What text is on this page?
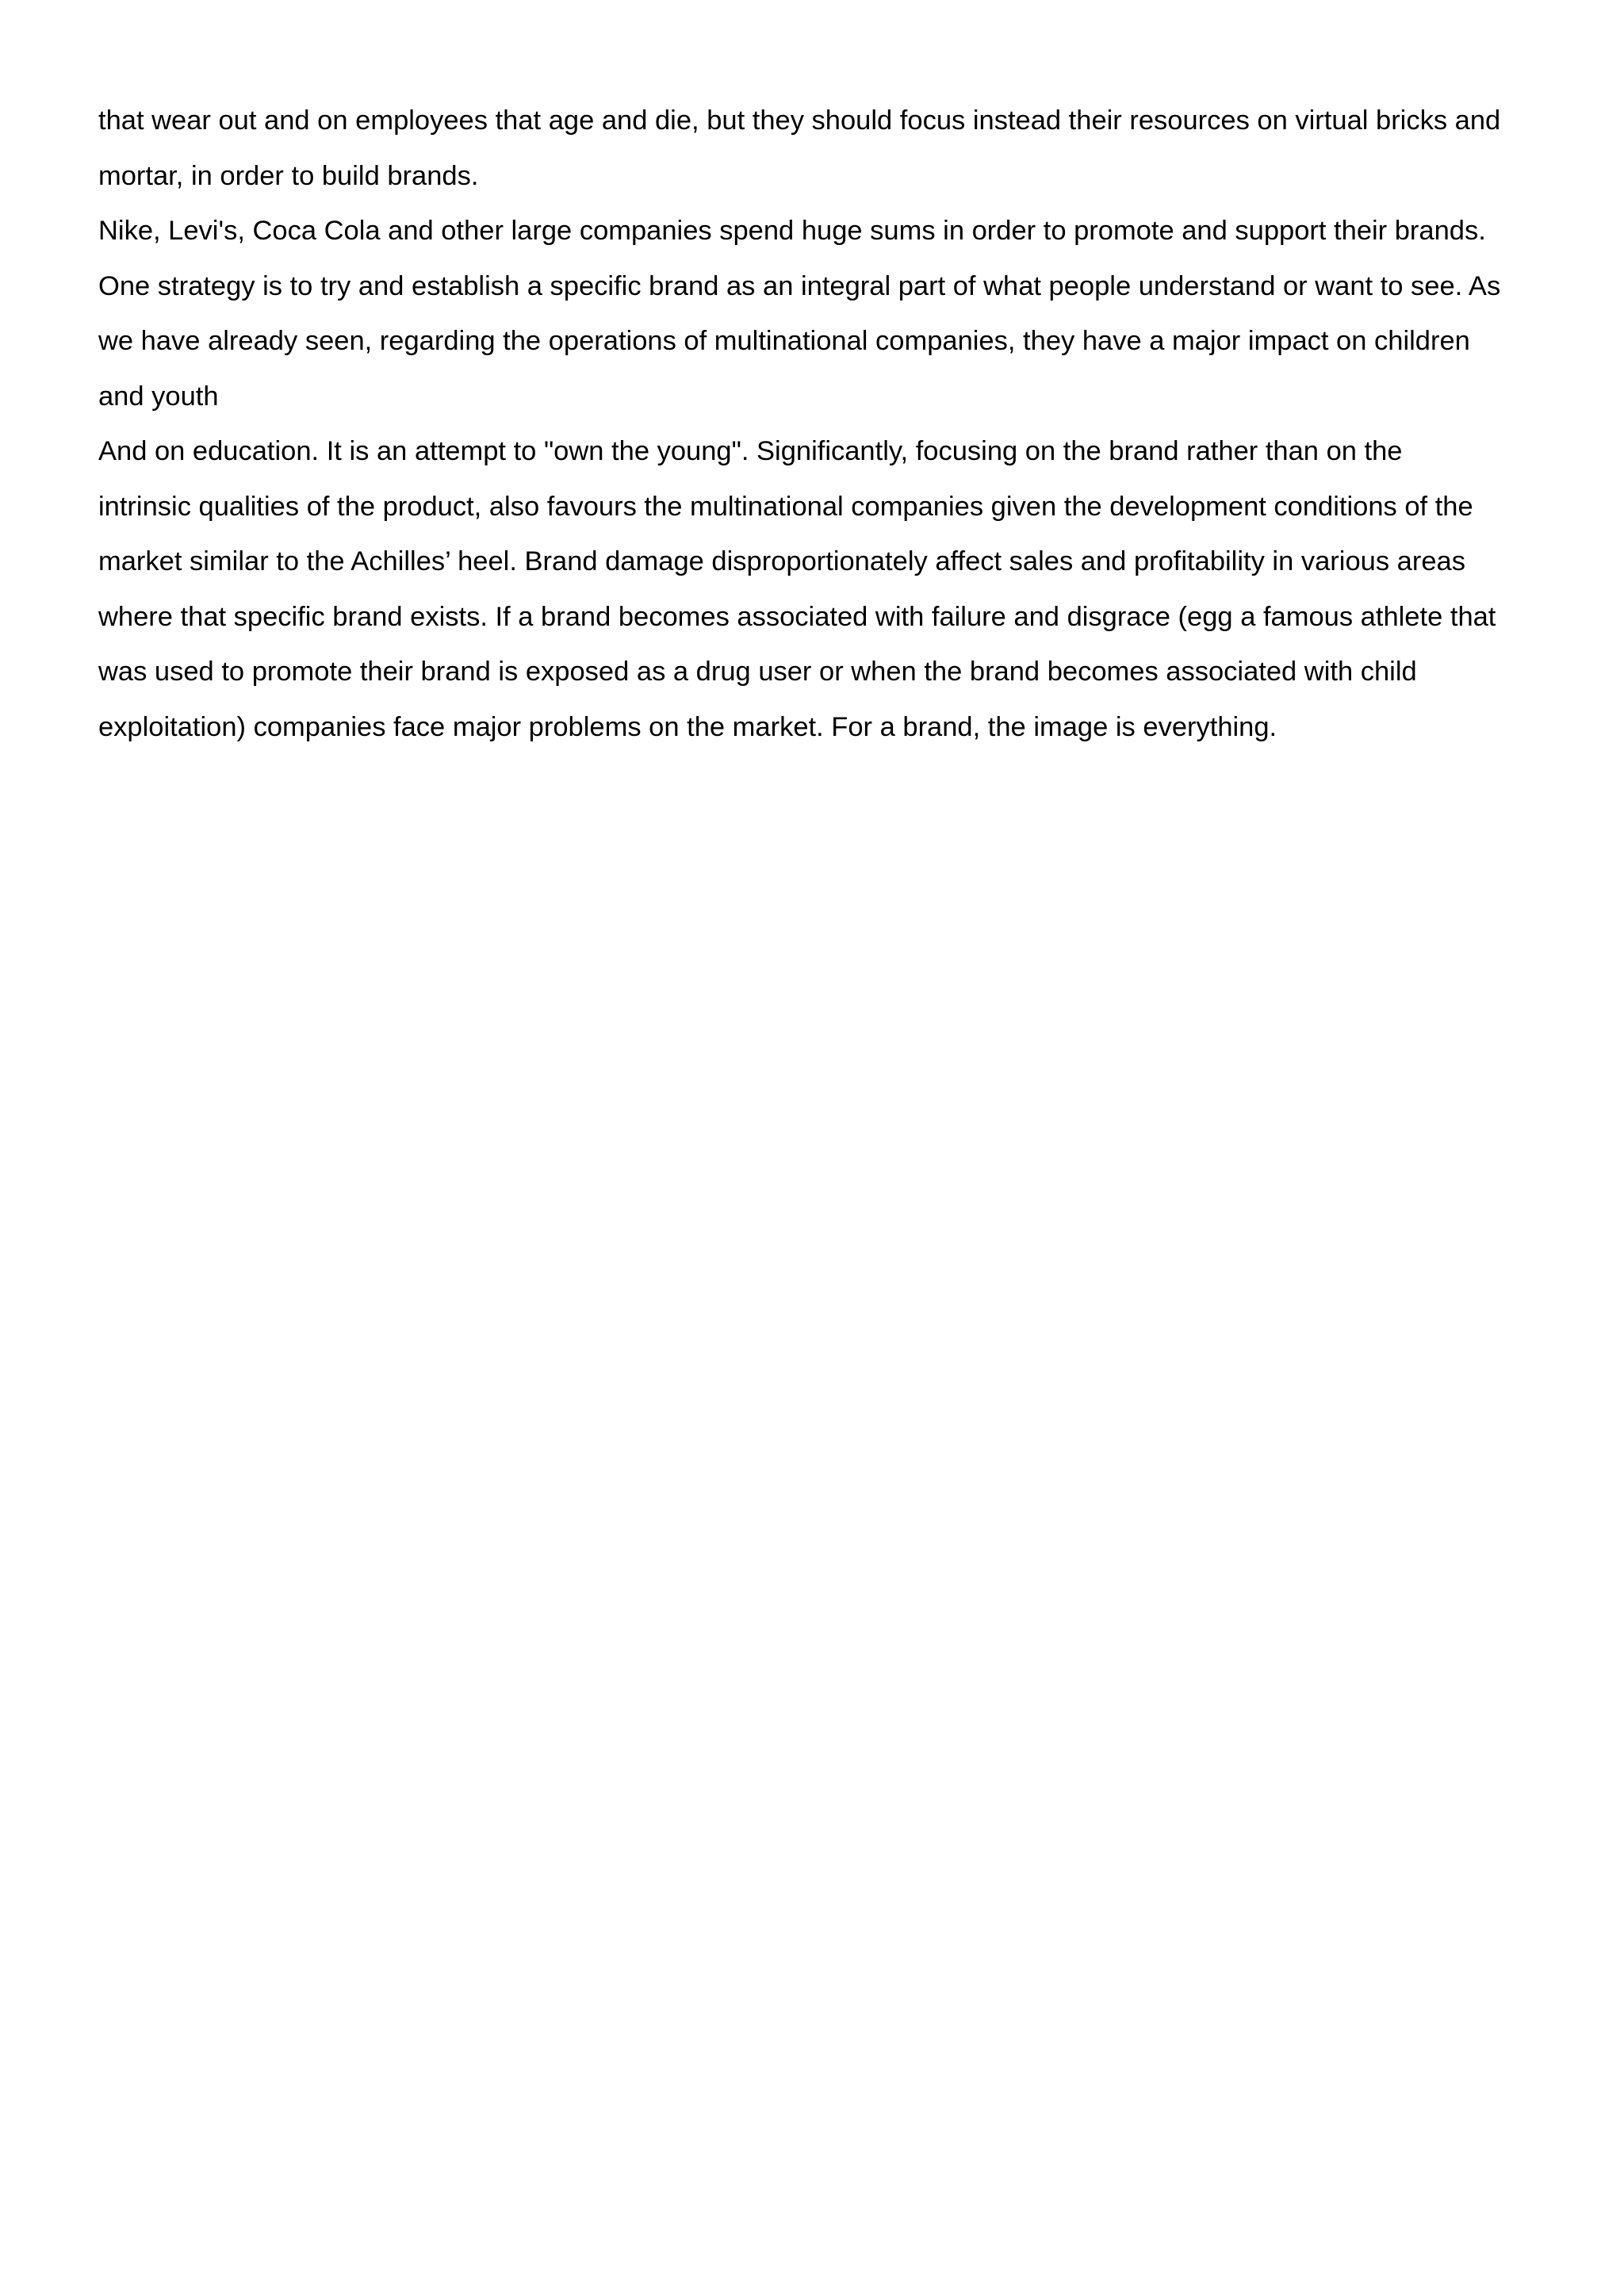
that wear out and on employees that age and die, but they should focus instead their resources on virtual bricks and
mortar, in order to build brands.
Nike, Levi's, Coca Cola and other large companies spend huge sums in order to promote and support their brands.
One strategy is to try and establish a specific brand as an integral part of what people understand or want to see. As
we have already seen, regarding the operations of multinational companies, they have a major impact on children
and youth
And on education. It is an attempt to "own the young". Significantly, focusing on the brand rather than on the
intrinsic qualities of the product, also favours the multinational companies given the development conditions of the
market similar to the Achilles’ heel. Brand damage disproportionately affect sales and profitability in various areas
where that specific brand exists. If a brand becomes associated with failure and disgrace (egg a famous athlete that
was used to promote their brand is exposed as a drug user or when the brand becomes associated with child
exploitation) companies face major problems on the market. For a brand, the image is everything.
